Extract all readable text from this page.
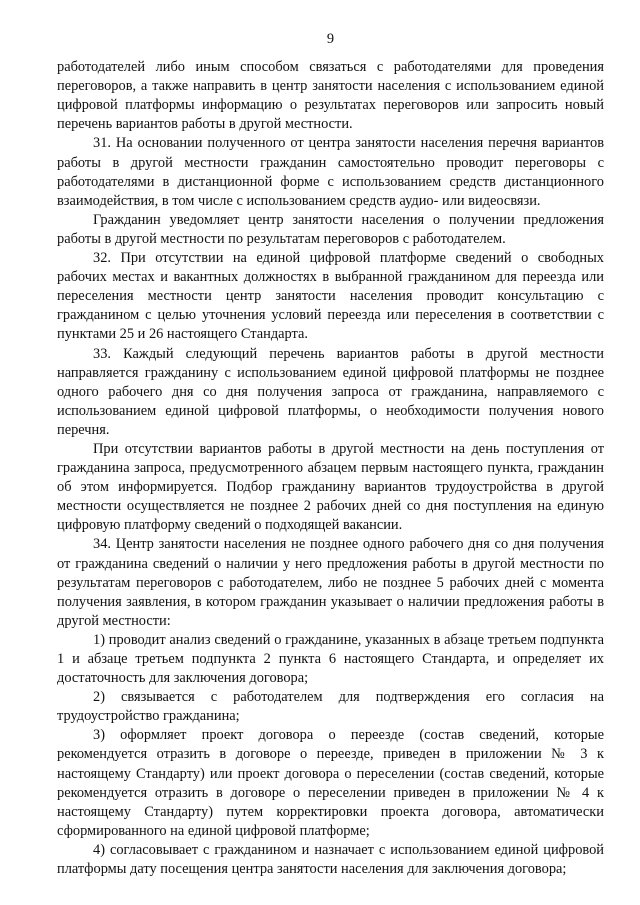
9

работодателей либо иным способом связаться с работодателями для проведения переговоров, а также направить в центр занятости населения с использованием единой цифровой платформы информацию о результатах переговоров или запросить новый перечень вариантов работы в другой местности.

31. На основании полученного от центра занятости населения перечня вариантов работы в другой местности гражданин самостоятельно проводит переговоры с работодателями в дистанционной форме с использованием средств дистанционного взаимодействия, в том числе с использованием средств аудио- или видеосвязи.

Гражданин уведомляет центр занятости населения о получении предложения работы в другой местности по результатам переговоров с работодателем.

32. При отсутствии на единой цифровой платформе сведений о свободных рабочих местах и вакантных должностях в выбранной гражданином для переезда или переселения местности центр занятости населения проводит консультацию с гражданином с целью уточнения условий переезда или переселения в соответствии с пунктами 25 и 26 настоящего Стандарта.

33. Каждый следующий перечень вариантов работы в другой местности направляется гражданину с использованием единой цифровой платформы не позднее одного рабочего дня со дня получения запроса от гражданина, направляемого с использованием единой цифровой платформы, о необходимости получения нового перечня.

При отсутствии вариантов работы в другой местности на день поступления от гражданина запроса, предусмотренного абзацем первым настоящего пункта, гражданин об этом информируется. Подбор гражданину вариантов трудоустройства в другой местности осуществляется не позднее 2 рабочих дней со дня поступления на единую цифровую платформу сведений о подходящей вакансии.

34. Центр занятости населения не позднее одного рабочего дня со дня получения от гражданина сведений о наличии у него предложения работы в другой местности по результатам переговоров с работодателем, либо не позднее 5 рабочих дней с момента получения заявления, в котором гражданин указывает о наличии предложения работы в другой местности:

1) проводит анализ сведений о гражданине, указанных в абзаце третьем подпункта 1 и абзаце третьем подпункта 2 пункта 6 настоящего Стандарта, и определяет их достаточность для заключения договора;

2) связывается с работодателем для подтверждения его согласия на трудоустройство гражданина;

3) оформляет проект договора о переезде (состав сведений, которые рекомендуется отразить в договоре о переезде, приведен в приложении № 3 к настоящему Стандарту) или проект договора о переселении (состав сведений, которые рекомендуется отразить в договоре о переселении приведен в приложении № 4 к настоящему Стандарту) путем корректировки проекта договора, автоматически сформированного на единой цифровой платформе;

4) согласовывает с гражданином и назначает с использованием единой цифровой платформы дату посещения центра занятости населения для заключения договора;
